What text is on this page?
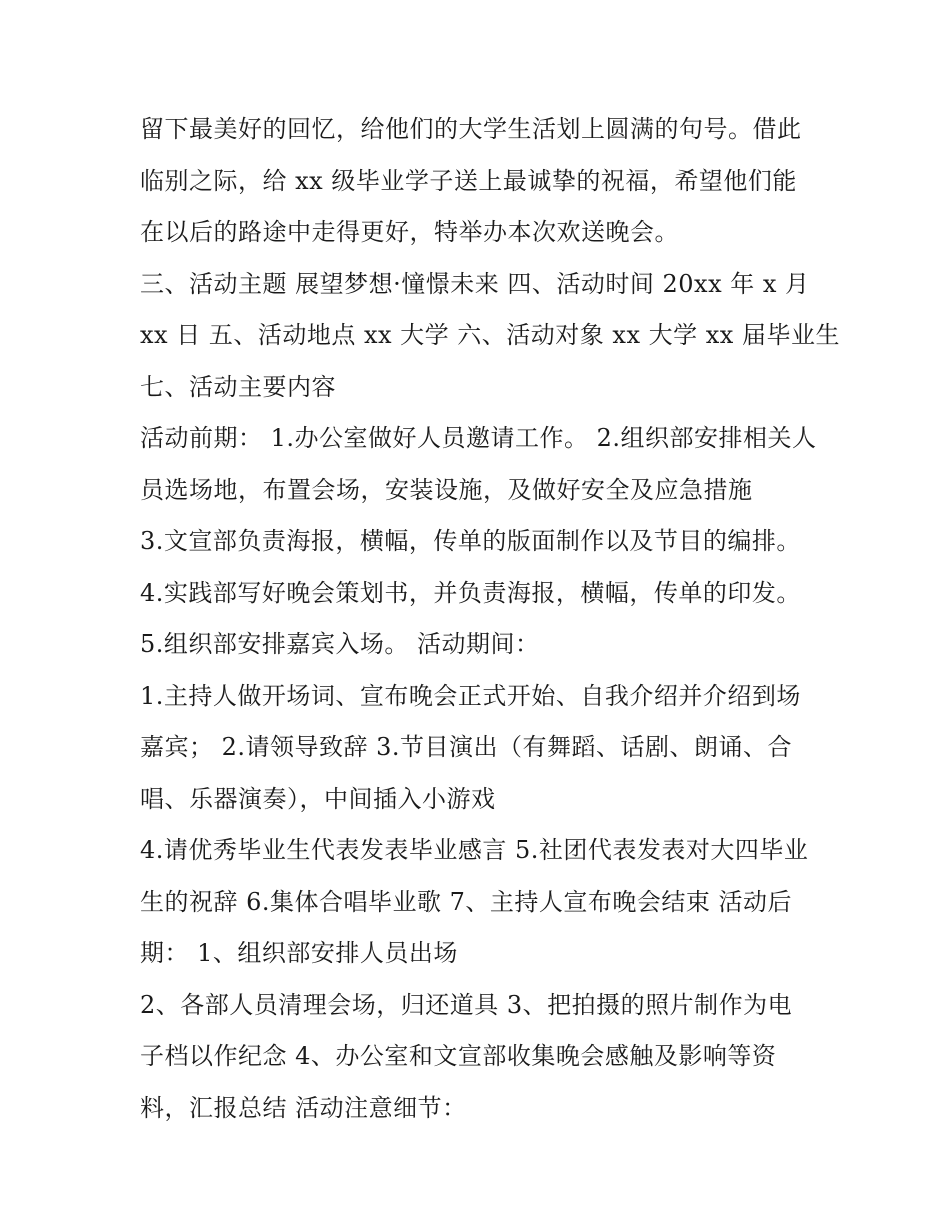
留下最美好的回忆，给他们的大学生活划上圆满的句号。借此
临别之际，给 xx 级毕业学子送上最诚挚的祝福，希望他们能
在以后的路途中走得更好，特举办本次欢送晚会。
三、活动主题 展望梦想·憧憬未来 四、活动时间 20xx 年 x 月
xx 日 五、活动地点 xx 大学 六、活动对象 xx 大学 xx 届毕业生
七、活动主要内容
活动前期： 1.办公室做好人员邀请工作。 2.组织部安排相关人
员选场地，布置会场，安装设施，及做好安全及应急措施
3.文宣部负责海报，横幅，传单的版面制作以及节目的编排。
4.实践部写好晚会策划书，并负责海报，横幅，传单的印发。
5.组织部安排嘉宾入场。 活动期间：
1.主持人做开场词、宣布晚会正式开始、自我介绍并介绍到场
嘉宾； 2.请领导致辞 3.节目演出（有舞蹈、话剧、朗诵、合
唱、乐器演奏），中间插入小游戏
4.请优秀毕业生代表发表毕业感言 5.社团代表发表对大四毕业
生的祝辞 6.集体合唱毕业歌 7、主持人宣布晚会结束 活动后
期： 1、组织部安排人员出场
2、各部人员清理会场，归还道具 3、把拍摄的照片制作为电
子档以作纪念 4、办公室和文宣部收集晚会感触及影响等资
料，汇报总结 活动注意细节：
